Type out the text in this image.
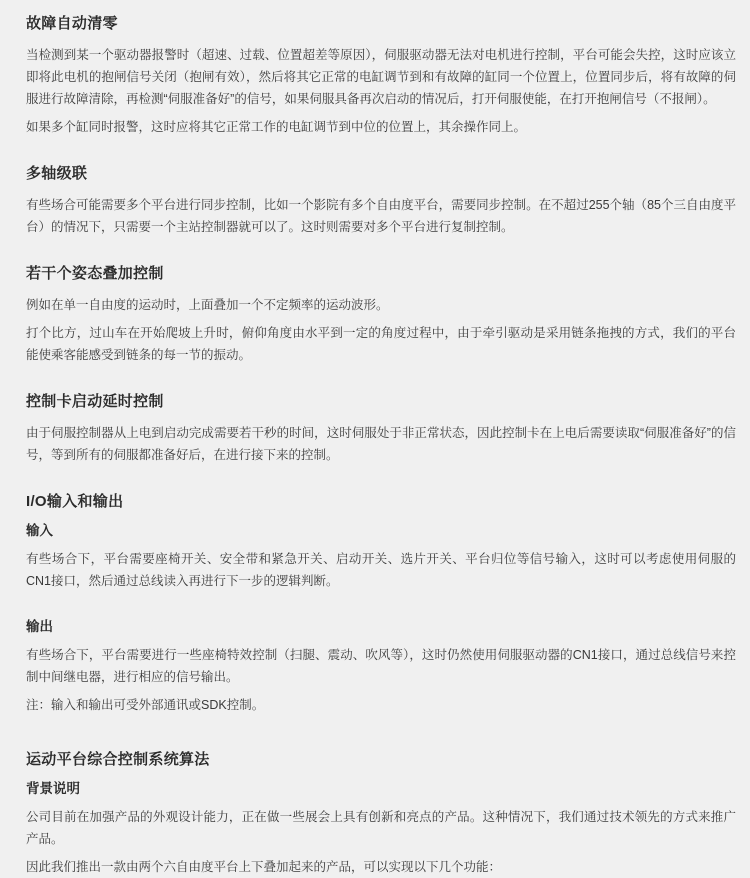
故障自动清零

当检测到某一个驱动器报警时（超速、过载、位置超差等原因），伺服驱动器无法对电机进行控制，平台可能会失控，这时应该立即将此电机的抱闸信号关闭（抱闸有效），然后将其它正常的电缸调节到和有故障的缸同一个位置上，位置同步后，将有故障的伺服进行故障清除，再检测“伺服准备好”的信号，如果伺服具备再次启动的情况后，打开伺服使能，在打开抱闸信号（不报闸）。

如果多个缸同时报警，这时应将其它正常工作的电缸调节到中位的位置上，其余操作同上。

多轴级联

有些场合可能需要多个平台进行同步控制，比如一个影院有多个自由度平台，需要同步控制。在不超过255个轴（85个三自由度平台）的情况下，只需要一个主站控制器就可以了。这时则需要对多个平台进行复制控制。

若干个姿态叠加控制

例如在单一自由度的运动时，上面叠加一个不定频率的运动波形。

打个比方，过山车在开始爬坡上升时，俯仰角度由水平到一定的角度过程中，由于牵引驱动是采用链条拖拽的方式，我们的平台能使乘客能感受到链条的每一节的振动。

控制卡启动延时控制

由于伺服控制器从上电到启动完成需要若干秒的时间，这时伺服处于非正常状态，因此控制卡在上电后需要读取“伺服准备好”的信号，等到所有的伺服都准备好后，在进行接下来的控制。

I/O输入和输出
输入

有些场合下，平台需要座椅开关、安全带和紧急开关、启动开关、选片开关、平台归位等信号输入，这时可以考虑使用伺服的CN1接口，然后通过总线读入再进行下一步的逻辑判断。

输出

有些场合下，平台需要进行一些座椅特效控制（扫腿、震动、吹风等），这时仍然使用伺服驱动器的CN1接口，通过总线信号来控制中间继电器，进行相应的信号输出。

注：输入和输出可受外部通讯或SDK控制。

运动平台综合控制系统算法
背景说明

公司目前在加强产品的外观设计能力，正在做一些展会上具有创新和亮点的产品。这种情况下，我们通过技术领先的方式来推广产品。

因此我们推出一款由两个六自由度平台上下叠加起来的产品，可以实现以下几个功能：
